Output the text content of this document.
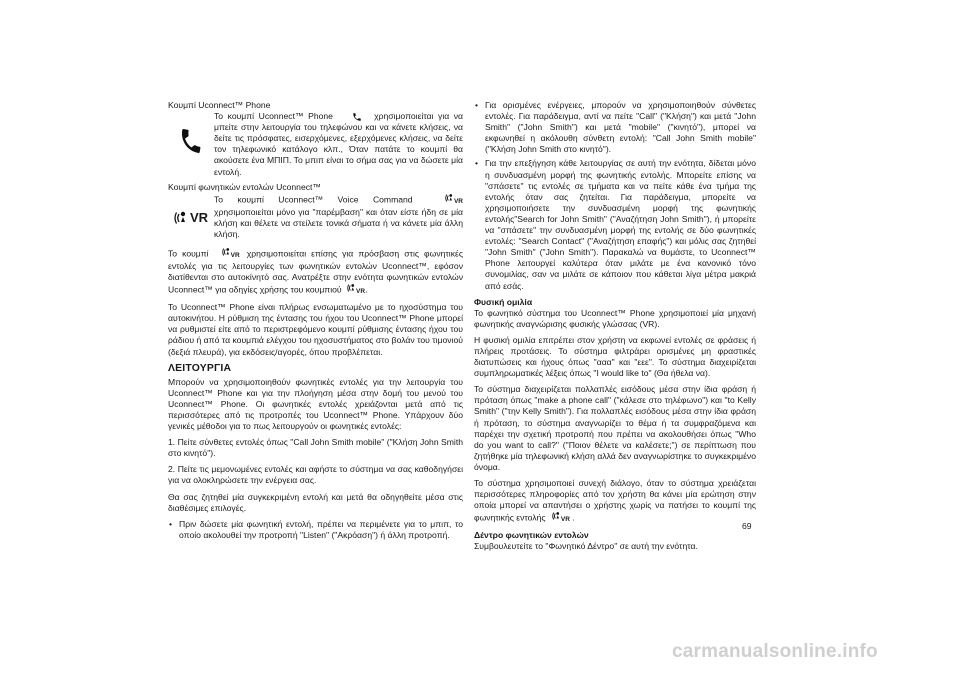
Κουμπί Uconnect™ Phone

Το κουμπί Uconnect™ Phone	χρησιμοποιείται για να μπείτε στην λειτουργία του τηλεφώνου και να κάνετε κλήσεις, να δείτε τις πρόσφατες, εισερχόμενες, εξερχόμενες κλήσεις, να δείτε τον τηλεφωνικό κατάλογο κλπ., Όταν πατάτε το κουμπί θα ακούσετε ένα ΜΠΙΠ. Το μπιπ είναι το σήμα σας για να δώσετε μία εντολή.

Κουμπί φωνητικών εντολών Uconnect™

VR
Το κουμπί Uconnect™ Voice Command	VR χρησιμοποιείται μόνο για "παρέμβαση" και όταν είστε ήδη σε μία κλήση και θέλετε να στείλετε τονικά σήματα ή να κάνετε μία άλλη κλήση.

Το κουμπί	VR χρησιμοποιείται επίσης για πρόσβαση στις φωνητικές εντολές για τις λειτουργίες των φωνητικών εντολών Uconnect™, εφόσον διατίθενται στο αυτοκίνητό σας. Ανατρέξτε στην ενότητα φωνητικών εντολών Uconnect™ για οδηγίες χρήσης του κουμπιού VR.

Το Uconnect™ Phone είναι πλήρως ενσωματωμένο με το ηχοσύστημα του αυτοκινήτου. Η ρύθμιση της έντασης του ήχου του Uconnect™ Phone μπορεί να ρυθμιστεί είτε από το περιστρεφόμενο κουμπί ρύθμισης έντασης ήχου του ράδιου ή από τα κουμπιά ελέγχου του ηχοσυστήματος στο βολάν του τιμονιού (δεξιά πλευρά), για εκδόσεις/αγορές, όπου προβλέπεται.

ΛΕΙΤΟΥΡΓΙΑ

Μπορούν να χρησιμοποιηθούν φωνητικές εντολές για την λειτουργία του Uconnect™ Phone και για την πλοήγηση μέσα στην δομή του μενού του Uconnect™ Phone. Οι φωνητικές εντολές χρειάζονται μετά από τις περισσότερες από τις προτροπές του Uconnect™ Phone. Υπάρχουν δύο γενικές μέθοδοι για το πως λειτουργούν οι φωνητικές εντολές:

1. Πείτε σύνθετες εντολές όπως "Call John Smith mobile" ("Κλήση John Smith στο κινητό").

2. Πείτε τις μεμονωμένες εντολές και αφήστε το σύστημα να σας καθοδηγήσει για να ολοκληρώσετε την ενέργεια σας.

Θα σας ζητηθεί μία συγκεκριμένη εντολή και μετά θα οδηγηθείτε μέσα στις διαθέσιμες επιλογές.

• Πριν δώσετε μία φωνητική εντολή, πρέπει να περιμένετε για το μπιπ, το οποίο ακολουθεί την προτροπή "Listen" ("Ακρόαση") ή άλλη προτροπή.
• Για ορισμένες ενέργειες, μπορούν να χρησιμοποιηθούν σύνθετες εντολές. Για παράδειγμα, αντί να πείτε "Call" ("Κλήση") και μετά "John Smith" ("John Smith") και μετά "mobile" ("κινητό"), μπορεί να εκφωνηθεί η ακόλουθη σύνθετη εντολή: "Call John Smith mobile" ("Κλήση John Smith στο κινητό").
• Για την επεξήγηση κάθε λειτουργίας σε αυτή την ενότητα, δίδεται μόνο η συνδυασμένη μορφή της φωνητικής εντολής. Μπορείτε επίσης να "σπάσετε" τις εντολές σε τμήματα και να πείτε κάθε ένα τμήμα της εντολής όταν σας ζητείται. Για παράδειγμα, μπορείτε να χρησιμοποιήσετε την συνδυασμένη μορφή της φωνητικής εντολής"Search for John Smith" ("Αναζήτηση John Smith"), ή μπορείτε να "σπάσετε" την συνδυασμένη μορφή της εντολής σε δύο φωνητικές εντολές: "Search Contact" ("Αναζήτηση επαφής") και μόλις σας ζητηθεί "John Smith" ("John Smith"). Παρακαλώ να θυμάστε, το Uconnect™ Phone λειτουργεί καλύτερα όταν μιλάτε με ένα κανονικό τόνο συνομιλίας, σαν να μιλάτε σε κάποιον που κάθεται λίγα μέτρα μακριά από εσάς.

Φυσική ομιλία

Το φωνητικό σύστημα του Uconnect™ Phone χρησιμοποιεί μία μηχανή φωνητικής αναγνώρισης φυσικής γλώσσας (VR).

Η φυσική ομιλία επιτρέπει στον χρήστη να εκφωνεί εντολές σε φράσεις ή πλήρεις προτάσεις. Το σύστημα φιλτράρει ορισμένες μη φραστικές διατυπώσεις και ήχους όπως "ααα" και "εεε". Το σύστημα διαχειρίζεται συμπληρωματικές λέξεις όπως "I would like to" (Θα ήθελα να).

Το σύστημα διαχειρίζεται πολλαπλές εισόδους μέσα στην ίδια φράση ή πρόταση όπως "make a phone call" ("κάλεσε στο τηλέφωνο") και "to Kelly Smith" ("την Kelly Smith"). Για πολλαπλές εισόδους μέσα στην ίδια φράση ή πρόταση, το σύστημα αναγνωρίζει το θέμα ή τα συμφραζόμενα και παρέχει την σχετική προτροπή που πρέπει να ακολουθήσει όπως "Who do you want to call?" ("Ποιον θέλετε να καλέσετε;") σε περίπτωση που ζητήθηκε μία τηλεφωνική κλήση αλλά δεν αναγνωρίστηκε το συγκεκριμένο όνομα.

Το σύστημα χρησιμοποιεί συνεχή διάλογο, όταν το σύστημα χρειάζεται περισσότερες πληροφορίες από τον χρήστη θα κάνει μία ερώτηση στην οποία μπορεί να απαντήσει ο χρήστης χωρίς να πατήσει το κουμπί της φωνητικής εντολής VR .

Δέντρο φωνητικών εντολών

Συμβουλευτείτε το "Φωνητικό Δέντρο" σε αυτή την ενότητα.

69
carmanualsonline.info
